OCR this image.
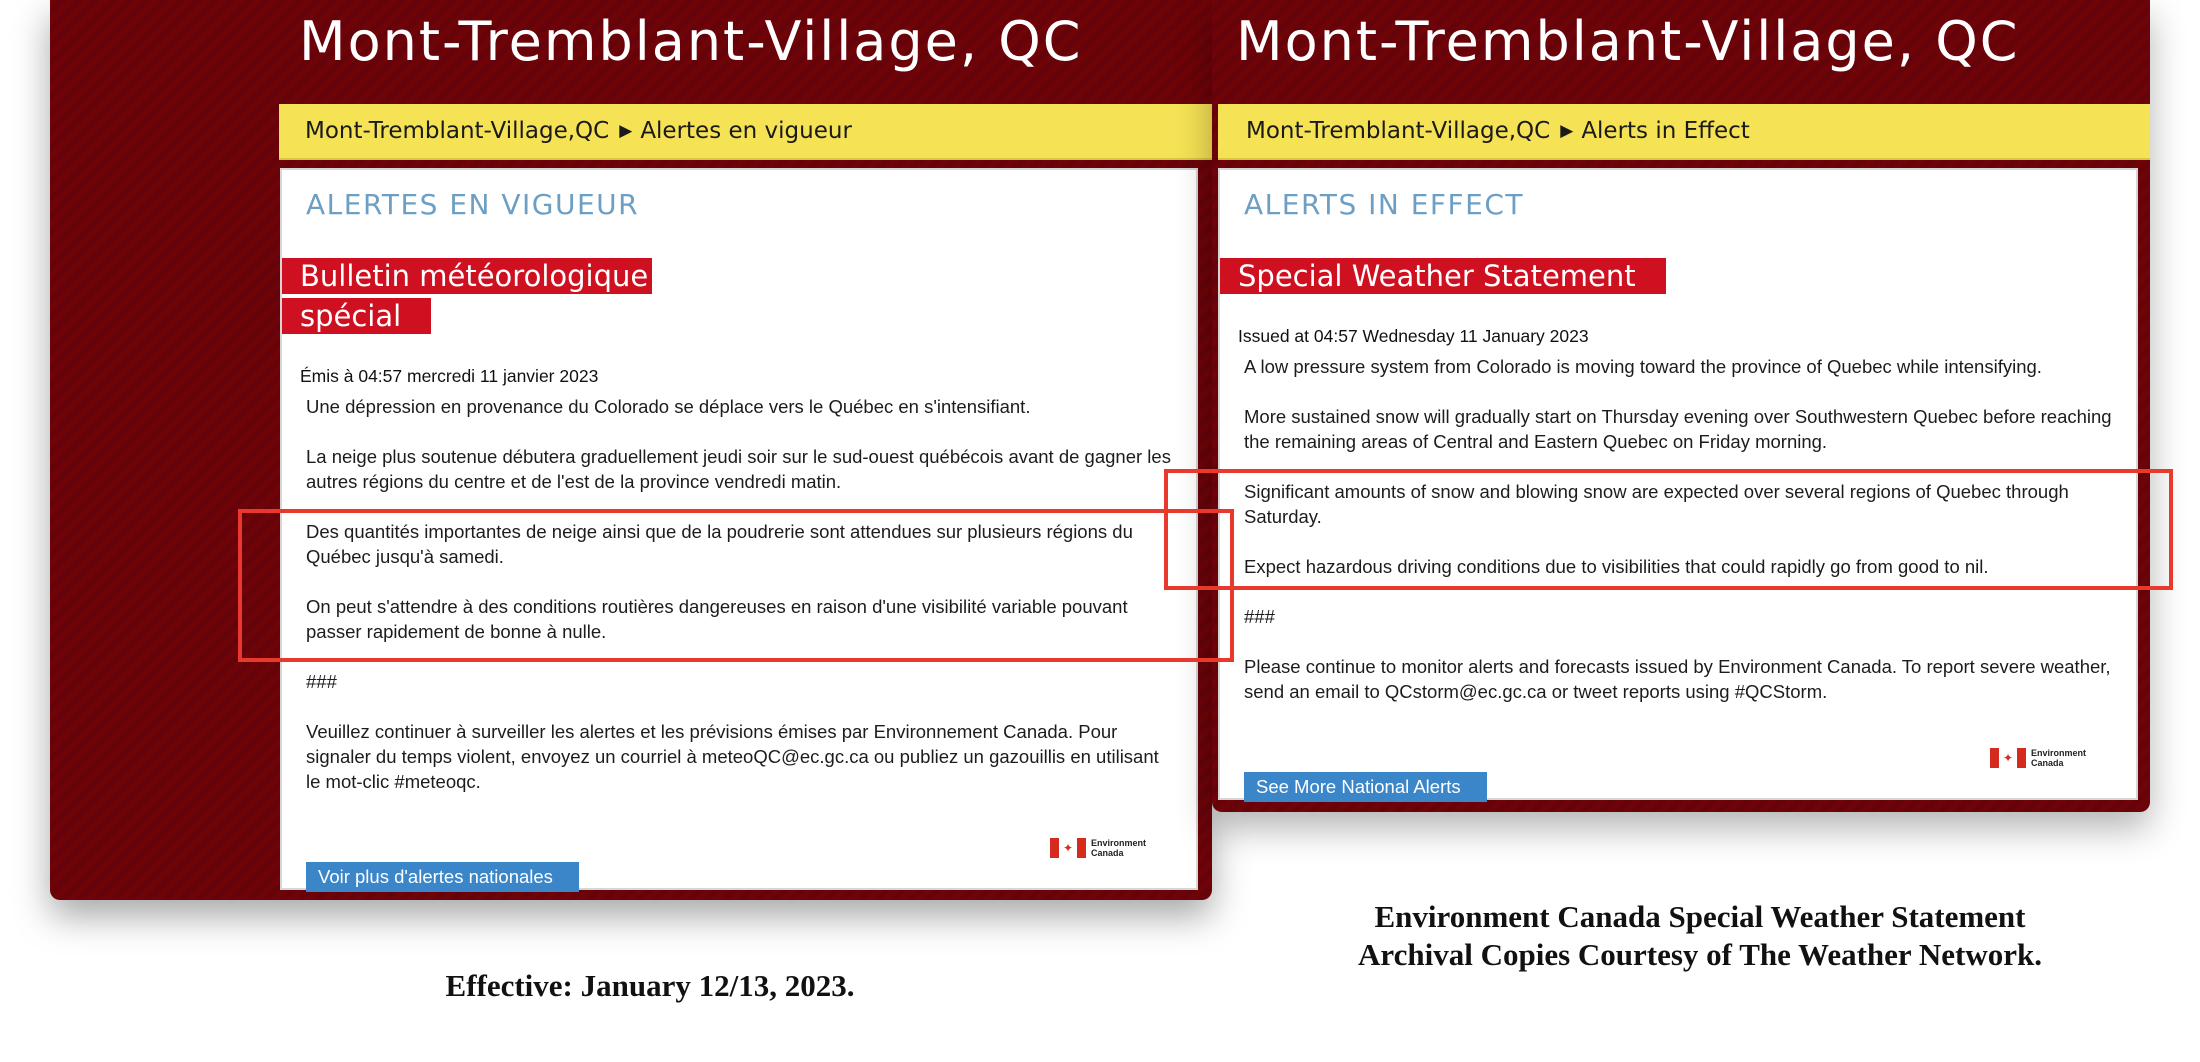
Mont-Tremblant-Village, QC
Mont-Tremblant-Village,QC ▶ Alertes en vigueur
ALERTES EN VIGUEUR
Bulletin météorologique
spécial
Émis à 04:57 mercredi 11 janvier 2023

Une dépression en provenance du Colorado se déplace vers le Québec en s'intensifiant.

La neige plus soutenue débutera graduellement jeudi soir sur le sud-ouest québécois avant de gagner les autres régions du centre et de l'est de la province vendredi matin.

Des quantités importantes de neige ainsi que de la poudrerie sont attendues sur plusieurs régions du Québec jusqu'à samedi.

On peut s'attendre à des conditions routières dangereuses en raison d'une visibilité variable pouvant passer rapidement de bonne à nulle.

###

Veuillez continuer à surveiller les alertes et les prévisions émises par Environnement Canada. Pour signaler du temps violent, envoyez un courriel à meteoQC@ec.gc.ca ou publiez un gazouillis en utilisant le mot-clic #meteoqc.

✦	Environment
Canada
Voir plus d'alertes nationales
Mont-Tremblant-Village, QC
Mont-Tremblant-Village,QC ▶ Alerts in Effect
ALERTS IN EFFECT
Special Weather Statement
Issued at 04:57 Wednesday 11 January 2023

A low pressure system from Colorado is moving toward the province of Quebec while intensifying.

More sustained snow will gradually start on Thursday evening over Southwestern Quebec before reaching the remaining areas of Central and Eastern Quebec on Friday morning.

Significant amounts of snow and blowing snow are expected over several regions of Quebec through Saturday.

Expect hazardous driving conditions due to visibilities that could rapidly go from good to nil.

###

Please continue to monitor alerts and forecasts issued by Environment Canada. To report severe weather, send an email to QCstorm@ec.gc.ca or tweet reports using #QCStorm.

✦	Environment
Canada
See More National Alerts
Effective: January 12/13, 2023.
Environment Canada Special Weather Statement
Archival Copies Courtesy of The Weather Network.
